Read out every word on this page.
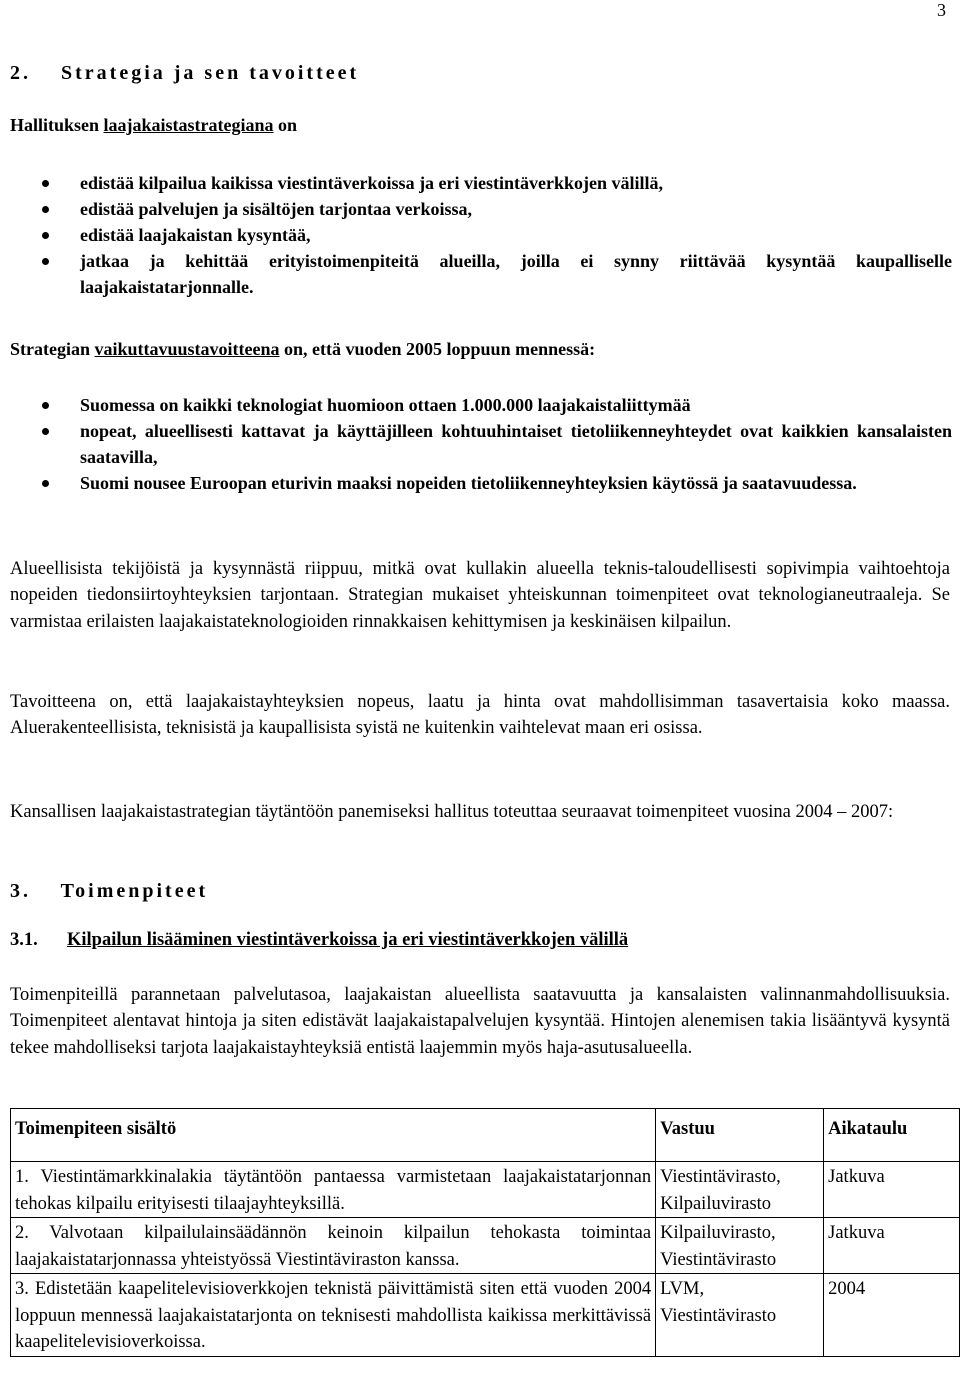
3
2. Strategia ja sen tavoitteet
Hallituksen laajakaistastrategiana on
edistää kilpailua kaikissa viestintäverkoissa ja eri viestintäverkkojen välillä,
edistää palvelujen ja sisältöjen tarjontaa verkoissa,
edistää laajakaistan kysyntää,
jatkaa ja kehittää erityistoimenpiteitä alueilla, joilla ei synny riittävää kysyntää kaupalliselle laajakaistatarjonnalle.
Strategian vaikuttavuustavoitteena on, että vuoden 2005 loppuun mennessä:
Suomessa on kaikki teknologiat huomioon ottaen 1.000.000 laajakaistaliittymää
nopeat, alueellisesti kattavat ja käyttäjilleen kohtuuhintaiset tietoliikenneyhteydet ovat kaikkien kansalaisten saatavilla,
Suomi nousee Euroopan eturivin maaksi nopeiden tietoliikenneyhteyksien käytössä ja saatavuudessa.

Alueellisista tekijöistä ja kysynnästä riippuu, mitkä ovat kullakin alueella teknis-taloudellisesti sopivimpia vaihtoehtoja nopeiden tiedonsiirtoyhteyksien tarjontaan. Strategian mukaiset yhteiskunnan toimenpiteet ovat teknologianeutraaleja. Se varmistaa erilaisten laajakaistateknologioiden rinnakkaisen kehittymisen ja keskinäisen kilpailun.

Tavoitteena on, että laajakaistayhteyksien nopeus, laatu ja hinta ovat mahdollisimman tasavertaisia koko maassa. Aluerakenteellisista, teknisistä ja kaupallisista syistä ne kuitenkin vaihtelevat maan eri osissa.

Kansallisen laajakaistastrategian täytäntöön panemiseksi hallitus toteuttaa seuraavat toimenpiteet vuosina 2004 – 2007:

3. Toimenpiteet
3.1. Kilpailun lisääminen viestintäverkoissa ja eri viestintäverkkojen välillä

Toimenpiteillä parannetaan palvelutasoa, laajakaistan alueellista saatavuutta ja kansalaisten valinnanmahdollisuuksia. Toimenpiteet alentavat hintoja ja siten edistävät laajakaistapalvelujen kysyntää. Hintojen alenemisen takia lisääntyvä kysyntä tekee mahdolliseksi tarjota laajakaistayhteyksiä entistä laajemmin myös haja-asutusalueella.

Toimenpiteen sisältö	Vastuu	Aikataulu
1. Viestintämarkkinalakia täytäntöön pantaessa varmistetaan laajakaistatarjonnan tehokas kilpailu erityisesti tilaajayhteyksillä.	Viestintävirasto, Kilpailuvirasto	Jatkuva
2. Valvotaan kilpailulainsäädännön keinoin kilpailun tehokasta toimintaa laajakaistatarjonnassa yhteistyössä Viestintäviraston kanssa.	Kilpailuvirasto, Viestintävirasto	Jatkuva
3. Edistetään kaapelitelevisioverkkojen teknistä päivittämistä siten että vuoden 2004 loppuun mennessä laajakaistatarjonta on teknisesti mahdollista kaikissa merkittävissä kaapelitelevisioverkoissa.	LVM, Viestintävirasto	2004
